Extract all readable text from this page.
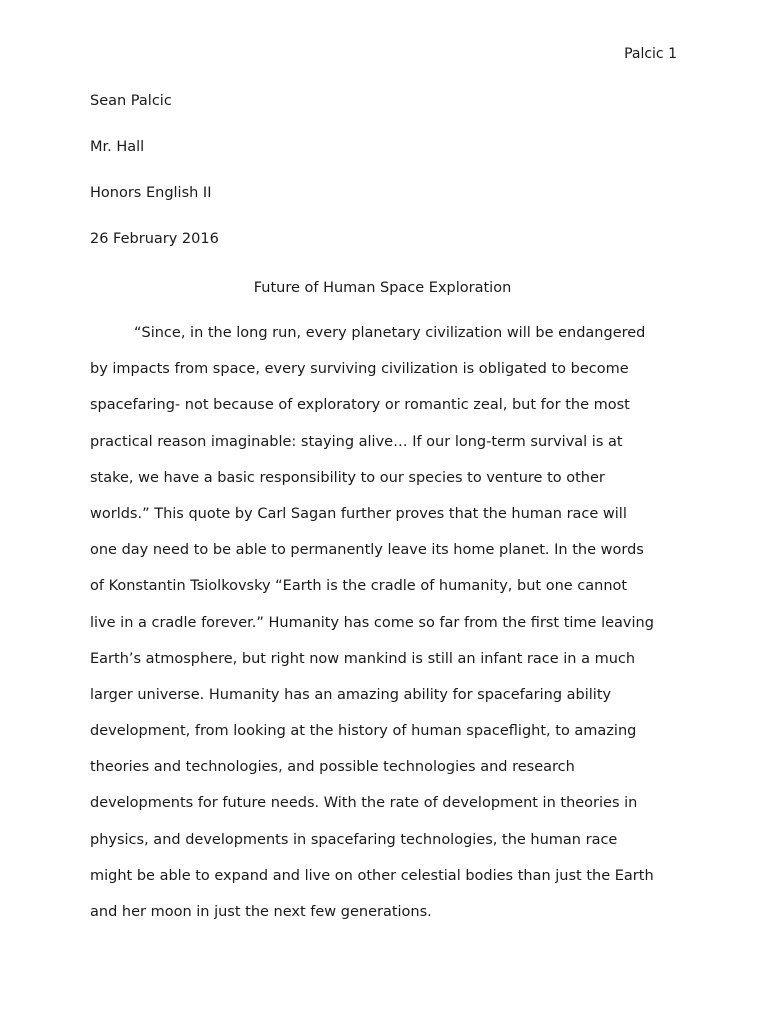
Palcic 1
Sean Palcic
Mr. Hall
Honors English II
26 February 2016
Future of Human Space Exploration
“Since, in the long run, every planetary civilization will be endangered
by impacts from space, every surviving civilization is obligated to become
spacefaring- not because of exploratory or romantic zeal, but for the most
practical reason imaginable: staying alive… If our long-term survival is at
stake, we have a basic responsibility to our species to venture to other
worlds.” This quote by Carl Sagan further proves that the human race will
one day need to be able to permanently leave its home planet. In the words
of Konstantin Tsiolkovsky “Earth is the cradle of humanity, but one cannot
live in a cradle forever.” Humanity has come so far from the first time leaving
Earth’s atmosphere, but right now mankind is still an infant race in a much
larger universe. Humanity has an amazing ability for spacefaring ability
development, from looking at the history of human spaceflight, to amazing
theories and technologies, and possible technologies and research
developments for future needs. With the rate of development in theories in
physics, and developments in spacefaring technologies, the human race
might be able to expand and live on other celestial bodies than just the Earth
and her moon in just the next few generations.
